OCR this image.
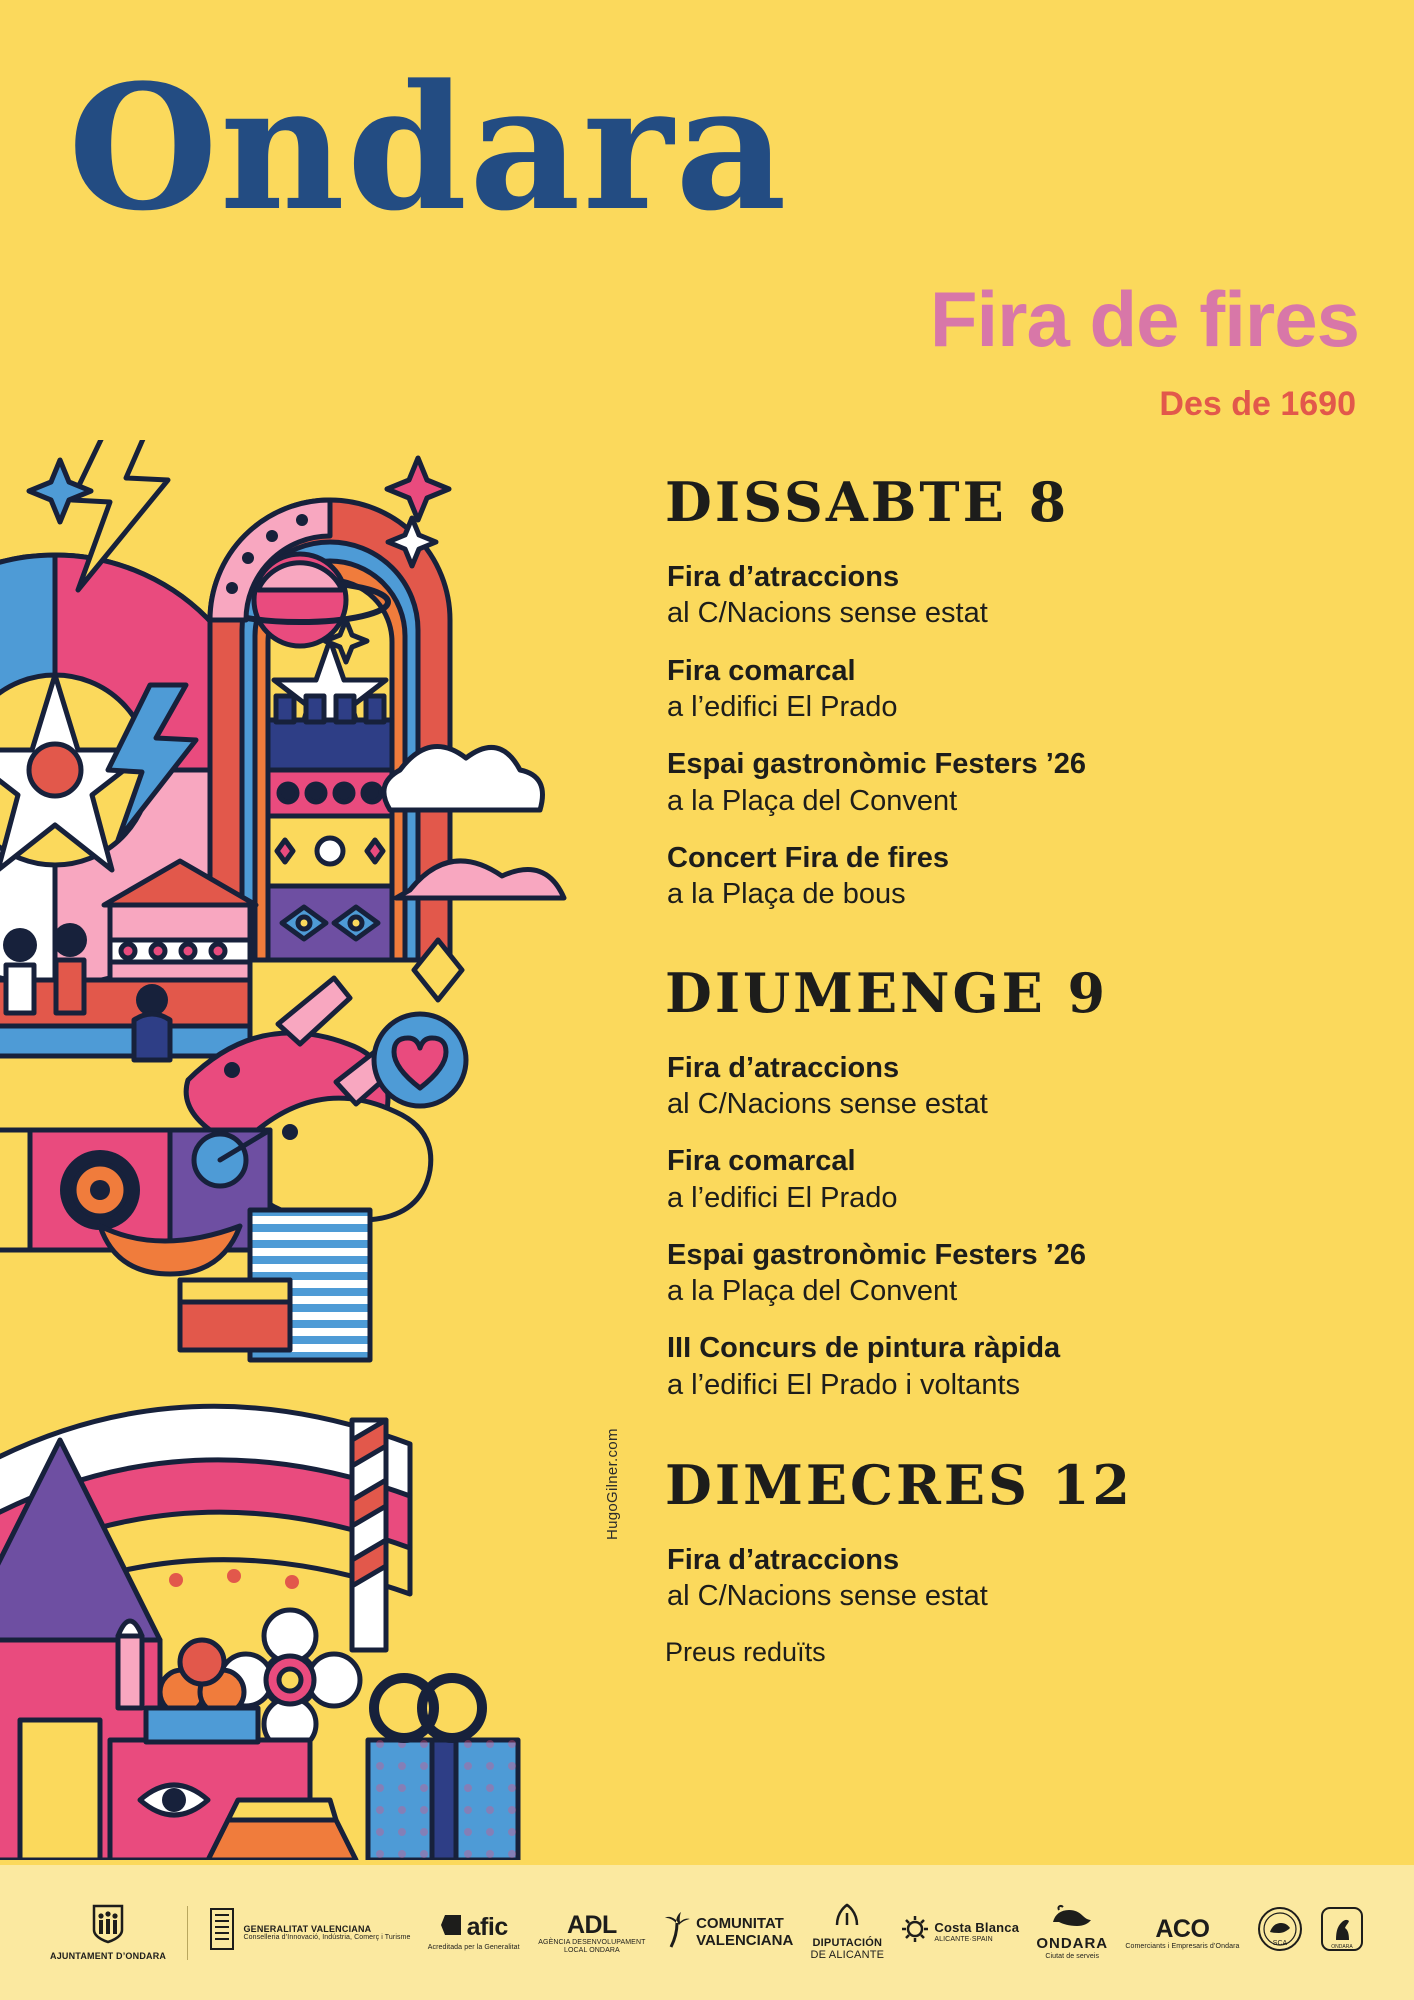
Ondara
Fira de fires
Des de 1690
HugoGilner.com
DISSABTE 8
Fira d’atraccions
al C/Nacions sense estat
Fira comarcal
a l’edifici El Prado
Espai gastronòmic Festers ’26
a la Plaça del Convent
Concert Fira de fires
a la Plaça de bous
DIUMENGE 9
Fira d’atraccions
al C/Nacions sense estat
Fira comarcal
a l’edifici El Prado
Espai gastronòmic Festers ’26
a la Plaça del Convent
III Concurs de pintura ràpida
a l’edifici El Prado i voltants
DIMECRES 12
Fira d’atraccions
al C/Nacions sense estat
Preus reduïts
AJUNTAMENT D’ONDARA
GENERALITAT VALENCIANA
Conselleria d’Innovació, Indústria, Comerç i Turisme afic
Acreditada per la Generalitat
ADL
AGÈNCIA DESENVOLUPAMENT LOCAL ONDARA
COMUNITAT
VALENCIANA DIPUTACIÓN
DE ALICANTE
Costa Blanca
ALICANTE·SPAIN	ONDARA
Ciutat de serveis
ACO
Comerciants i Empresaris d’Ondara	SCA	ONDARA
